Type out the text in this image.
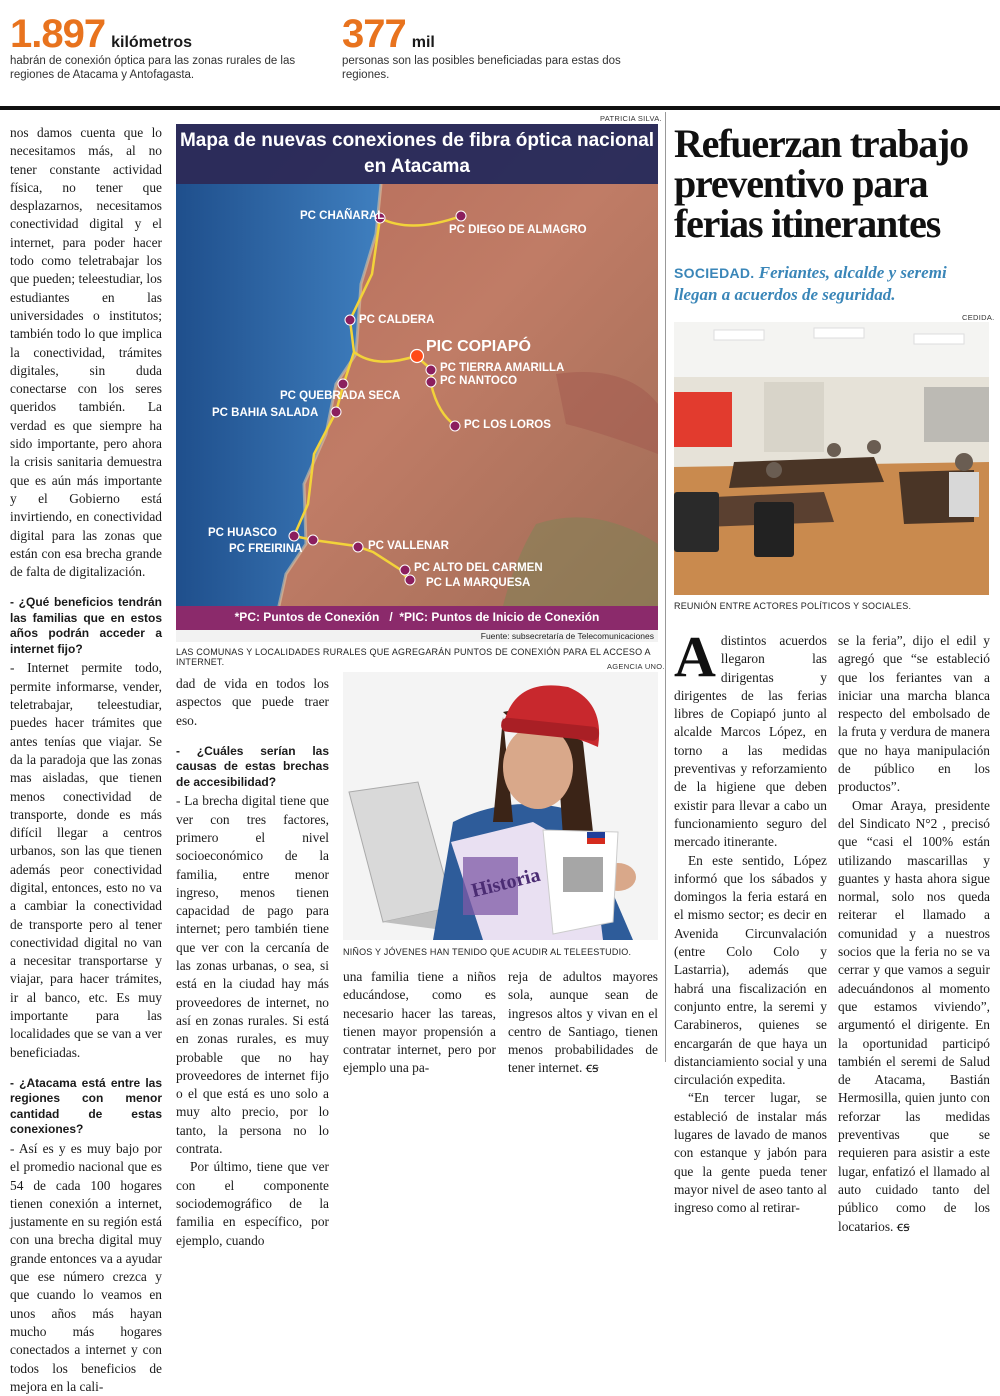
1.897 kilómetros
habrán de conexión óptica para las zonas rurales de las regiones de Atacama y Antofagasta.
377 mil
personas son las posibles beneficiadas para estas dos regiones.

nos damos cuenta que lo necesitamos más, al no tener constante actividad física, no tener que desplazarnos, necesitamos conectividad digital y el internet, para poder hacer todo como teletrabajar los que pueden; teleestudiar, los estudiantes en las universidades o institutos; también todo lo que implica la conectividad, trámites digitales, sin duda conectarse con los seres queridos también. La verdad es que siempre ha sido importante, pero ahora la crisis sanitaria demuestra que es aún más importante y el Gobierno está invirtiendo, en conectividad digital para las zonas que están con esa brecha grande de falta de digitalización.

- ¿Qué beneficios tendrán las familias que en estos años podrán acceder a internet fijo?

- Internet permite todo, permite informarse, vender, teletrabajar, teleestudiar, puedes hacer trámites que antes tenías que viajar. Se da la paradoja que las zonas mas aisladas, que tienen menos conectividad de transporte, donde es más difícil llegar a centros urbanos, son las que tienen además peor conectividad digital, entonces, esto no va a cambiar la conectividad de transporte pero al tener conectividad digital no van a necesitar transportarse y viajar, para hacer trámites, ir al banco, etc. Es muy importante para las localidades que se van a ver beneficiadas.

- ¿Atacama está entre las regiones con menor cantidad de estas conexiones?

- Así es y es muy bajo por el promedio nacional que es 54 de cada 100 hogares tienen conexión a internet, justamente en su región está con una brecha digital muy grande entonces va a ayudar que ese número crezca y que cuando lo veamos en unos años más hayan mucho más hogares conectados a internet y con todos los beneficios de mejora en la cali-

PATRICIA SILVA.
Mapa de nuevas conexiones de fibra óptica nacional en Atacama
PC CHAÑARAL
PC DIEGO DE ALMAGRO
PC CALDERA
PIC COPIAPÓ
PC TIERRA AMARILLA
PC NANTOCO
PC QUEBRADA SECA
PC BAHIA SALADA
PC LOS LOROS
PC HUASCO
PC FREIRINA	PC VALLENAR
PC ALTO DEL CARMEN
PC LA MARQUESA
*PC: Puntos de Conexión   /  *PIC: Puntos de Inicio de Conexión
Fuente: subsecretaría de Telecomunicaciones
LAS COMUNAS Y LOCALIDADES RURALES QUE AGREGARÁN PUNTOS DE CONEXIÓN PARA EL ACCESO A INTERNET.	AGENCIA UNO.
Historia
NIÑOS Y JÓVENES HAN TENIDO QUE ACUDIR AL TELEESTUDIO.

dad de vida en todos los aspectos que puede traer eso.

- ¿Cuáles serían las causas de estas brechas de accesibilidad?

- La brecha digital tiene que ver con tres factores, primero el nivel socioeconómico de la familia, entre menor ingreso, menos tienen capacidad de pago para internet; pero también tiene que ver con la cercanía de las zonas urbanas, o sea, si está en la ciudad hay más proveedores de internet, no así en zonas rurales. Si está en zonas rurales, es muy probable que no hay proveedores de internet fijo o el que está es uno solo a muy alto precio, por lo tanto, la persona no lo contrata.

Por último, tiene que ver con el componente sociodemográfico de la familia en específico, por ejemplo, cuando

una familia tiene a niños educándose, como es necesario hacer las tareas, tienen mayor propensión a contratar internet, pero por ejemplo una pa-

reja de adultos mayores sola, aunque sean de ingresos altos y vivan en el centro de Santiago, tienen menos probabilidades de tener internet. ꞓꞩ

Refuerzan trabajo preventivo para ferias itinerantes
SOCIEDAD. Feriantes, alcalde y seremi llegan a acuerdos de seguridad.
CEDIDA.
REUNIÓN ENTRE ACTORES POLÍTICOS Y SOCIALES.

Adistintos acuerdos llegaron las dirigentas y dirigentes de las ferias libres de Copiapó junto al alcalde Marcos López, en torno a las medidas preventivas y reforzamiento de la higiene que deben existir para llevar a cabo un funcionamiento seguro del mercado itinerante.

En este sentido, López informó que los sábados y domingos la feria estará en el mismo sector; es decir en Avenida Circunvalación (entre Colo Colo y Lastarria), además que habrá una fiscalización en conjunto entre, la seremi y Carabineros, quienes se encargarán de que haya un distanciamiento social y una circulación expedita.

“En tercer lugar, se estableció de instalar más lugares de lavado de manos con estanque y jabón para que la gente pueda tener mayor nivel de aseo tanto al ingreso como al retirar-

se la feria”, dijo el edil y agregó que “se estableció que los feriantes van a iniciar una marcha blanca respecto del embolsado de la fruta y verdura de manera que no haya manipulación de público en los productos”.

Omar Araya, presidente del Sindicato N°2 , precisó que “casi el 100% están utilizando mascarillas y guantes y hasta ahora sigue normal, solo nos queda reiterar el llamado a comunidad y a nuestros socios que la feria no se va cerrar y que vamos a seguir adecuándonos al momento que estamos viviendo”, argumentó el dirigente. En la oportunidad participó también el seremi de Salud de Atacama, Bastián Hermosilla, quien junto con reforzar las medidas preventivas que se requieren para asistir a este lugar, enfatizó el llamado al auto cuidado tanto del público como de los locatarios. ꞓꞩ
